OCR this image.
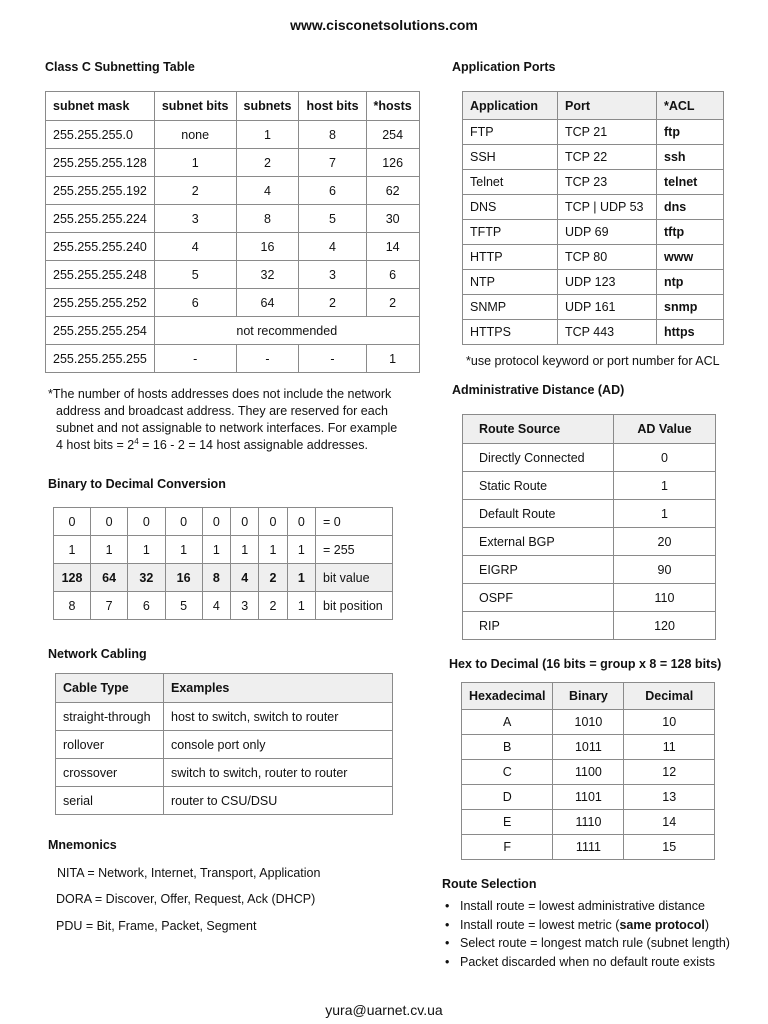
www.cisconetsolutions.com
Class C Subnetting Table
subnet mask	subnet bits	subnets	host bits	*hosts
255.255.255.0	none	1	8	254
255.255.255.128	1	2	7	126
255.255.255.192	2	4	6	62
255.255.255.224	3	8	5	30
255.255.255.240	4	16	4	14
255.255.255.248	5	32	3	6
255.255.255.252	6	64	2	2
255.255.255.254	not recommended			
255.255.255.255	-	-	-	1
*The number of hosts addresses does not include the network
address and broadcast address. They are reserved for each
subnet and not assignable to network interfaces. For example
4 host bits = $2^4 = 16 - 2 = 14$ host assignable addresses.
Binary to Decimal Conversion
0	0	0	0	0	0	0	0	= 0
1	1	1	1	1	1	1	1	= 255
128	64	32	16	8	4	2	1	bit value
8	7	6	5	4	3	2	1	bit position
Network Cabling
Cable Type	Examples
straight-through	host to switch, switch to router
rollover	console port only
crossover	switch to switch, router to router
serial	router to CSU/DSU
Mnemonics
NITA = Network, Internet, Transport, Application
DORA = Discover, Offer, Request, Ack (DHCP)
PDU = Bit, Frame, Packet, Segment
Application Ports
Application	Port	*ACL
FTP	TCP 21	ftp
SSH	TCP 22	ssh
Telnet	TCP 23	telnet
DNS	TCP | UDP 53	dns
TFTP	UDP 69	tftp
HTTP	TCP 80	www
NTP	UDP 123	ntp
SNMP	UDP 161	snmp
HTTPS	TCP 443	https
*use protocol keyword or port number for ACL
Administrative Distance (AD)
Route Source	AD Value
Directly Connected	0
Static Route	1
Default Route	1
External BGP	20
EIGRP	90
OSPF	110
RIP	120
Hex to Decimal (16 bits = group x 8 = 128 bits)
Hexadecimal	Binary	Decimal
A	1010	10
B	1011	11
C	1100	12
D	1101	13
E	1110	14
F	1111	15
Route Selection
• Install route = lowest administrative distance
• Install route = lowest metric (same protocol)
• Select route = longest match rule (subnet length)
• Packet discarded when no default route exists
yura@uarnet.cv.ua
